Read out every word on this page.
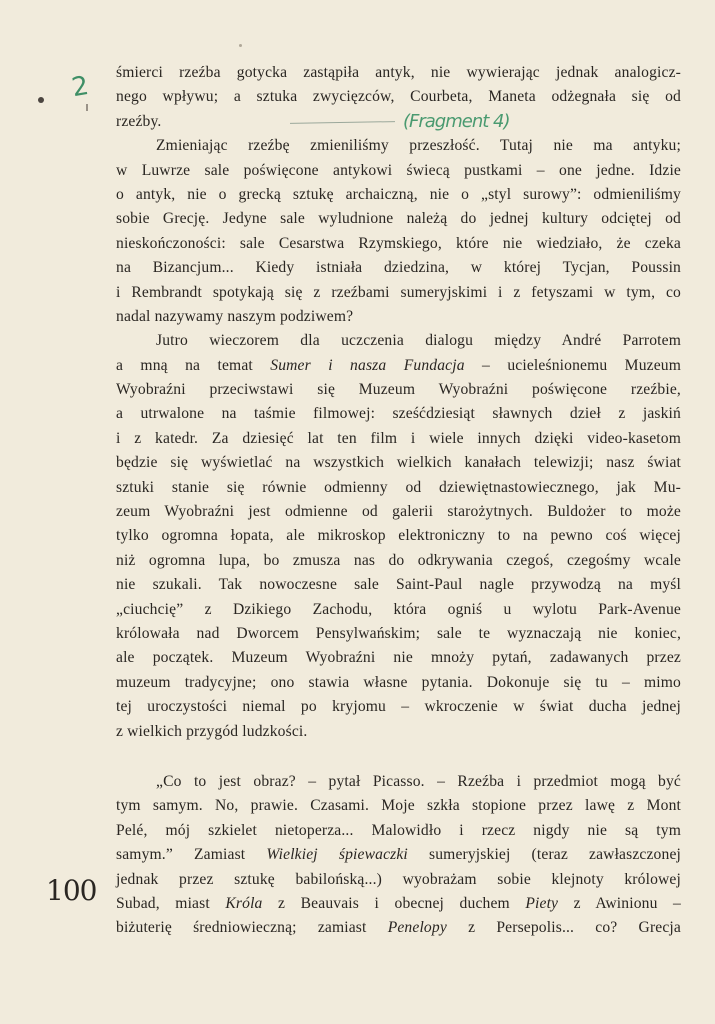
2
(Fragment 4)
śmierci rzeźba gotycka zastąpiła antyk, nie wywierając jednak analogicz-
nego wpływu; a sztuka zwycięzców, Courbeta, Maneta odżegnała się od
rzeźby.
Zmieniając rzeźbę zmieniliśmy przeszłość. Tutaj nie ma antyku;
w Luwrze sale poświęcone antykowi świecą pustkami – one jedne. Idzie
o antyk, nie o grecką sztukę archaiczną, nie o „styl surowy”: odmieniliśmy
sobie Grecję. Jedyne sale wyludnione należą do jednej kultury odciętej od
nieskończoności: sale Cesarstwa Rzymskiego, które nie wiedziało, że czeka
na Bizancjum... Kiedy istniała dziedzina, w której Tycjan, Poussin
i Rembrandt spotykają się z rzeźbami sumeryjskimi i z fetyszami w tym, co
nadal nazywamy naszym podziwem?
Jutro wieczorem dla uczczenia dialogu między André Parrotem
a mną na temat Sumer i nasza Fundacja – ucieleśnionemu Muzeum
Wyobraźni przeciwstawi się Muzeum Wyobraźni poświęcone rzeźbie,
a utrwalone na taśmie filmowej: sześćdziesiąt sławnych dzieł z jaskiń
i z katedr. Za dziesięć lat ten film i wiele innych dzięki video-kasetom
będzie się wyświetlać na wszystkich wielkich kanałach telewizji; nasz świat
sztuki stanie się równie odmienny od dziewiętnastowiecznego, jak Mu-
zeum Wyobraźni jest odmienne od galerii starożytnych. Buldożer to może
tylko ogromna łopata, ale mikroskop elektroniczny to na pewno coś więcej
niż ogromna lupa, bo zmusza nas do odkrywania czegoś, czegośmy wcale
nie szukali. Tak nowoczesne sale Saint-Paul nagle przywodzą na myśl
„ciuchcię” z Dzikiego Zachodu, która ogniś u wylotu Park-Avenue
królowała nad Dworcem Pensylwańskim; sale te wyznaczają nie koniec,
ale początek. Muzeum Wyobraźni nie mnoży pytań, zadawanych przez
muzeum tradycyjne; ono stawia własne pytania. Dokonuje się tu – mimo
tej uroczystości niemal po kryjomu – wkroczenie w świat ducha jednej
z wielkich przygód ludzkości.
„Co to jest obraz? – pytał Picasso. – Rzeźba i przedmiot mogą być
tym samym. No, prawie. Czasami. Moje szkła stopione przez lawę z Mont
Pelé, mój szkielet nietoperza... Malowidło i rzecz nigdy nie są tym
samym.” Zamiast Wielkiej śpiewaczki sumeryjskiej (teraz zawłaszczonej
jednak przez sztukę babilońską...) wyobrażam sobie klejnoty królowej
Subad, miast Króla z Beauvais i obecnej duchem Piety z Awinionu –
biżuterię średniowieczną; zamiast Penelopy z Persepolis... co? Grecja
100
